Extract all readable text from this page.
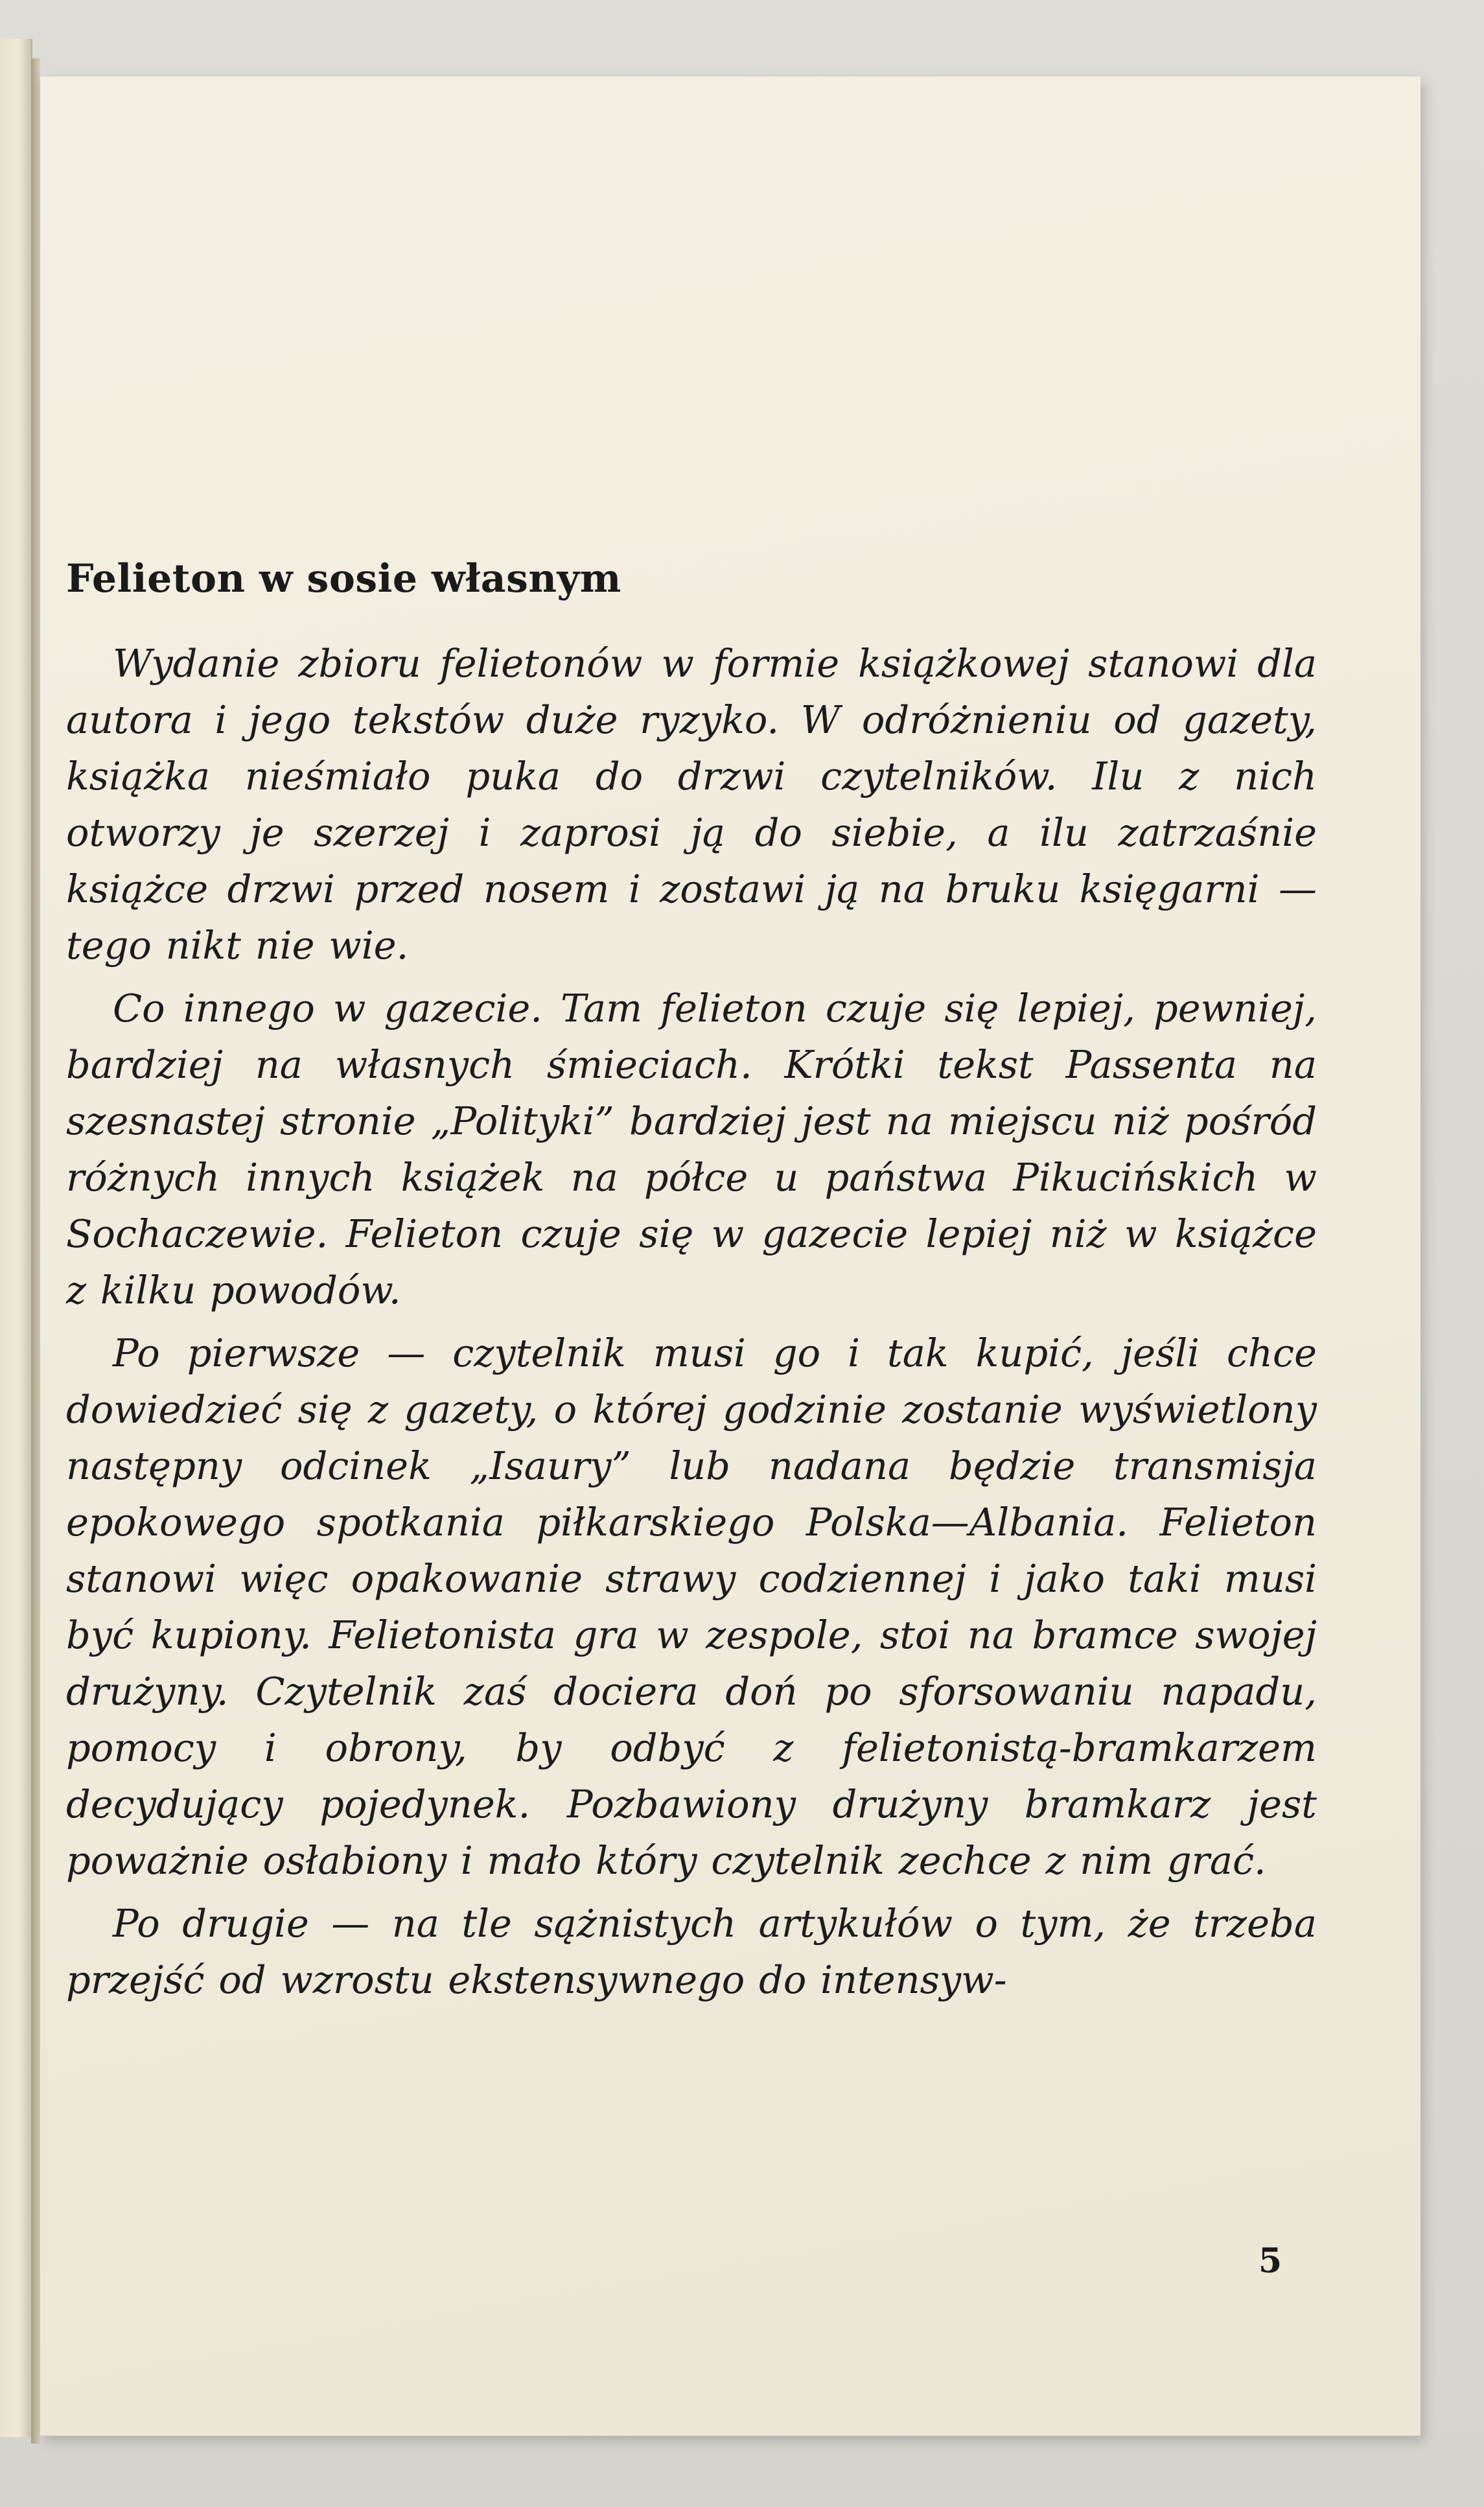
Felieton w sosie własnym

Wydanie zbioru felietonów w formie książkowej stanowi dla autora i jego tekstów duże ryzyko. W odróżnieniu od gazety, książka nieśmiało puka do drzwi czytelników. Ilu z nich otworzy je szerzej i zaprosi ją do siebie, a ilu zatrzaśnie książce drzwi przed nosem i zostawi ją na bruku księgarni — tego nikt nie wie.

Co innego w gazecie. Tam felieton czuje się lepiej, pewniej, bardziej na własnych śmieciach. Krótki tekst Passenta na szesnastej stronie „Polityki” bardziej jest na miejscu niż pośród różnych innych książek na półce u państwa Pikucińskich w Sochaczewie. Felieton czuje się w gazecie lepiej niż w książce z kilku powodów.

Po pierwsze — czytelnik musi go i tak kupić, jeśli chce dowiedzieć się z gazety, o której godzinie zostanie wyświetlony następny odcinek „Isaury” lub nadana będzie transmisja epokowego spotkania piłkarskiego Polska—Albania. Felieton stanowi więc opakowanie strawy codziennej i jako taki musi być kupiony. Felietonista gra w zespole, stoi na bramce swojej drużyny. Czytelnik zaś dociera doń po sforsowaniu napadu, pomocy i obrony, by odbyć z felietonistą-bramkarzem decydujący pojedynek. Pozbawiony drużyny bramkarz jest poważnie osłabiony i mało który czytelnik zechce z nim grać.

Po drugie — na tle sążnistych artykułów o tym, że trzeba przejść od wzrostu ekstensywnego do intensyw-

5
